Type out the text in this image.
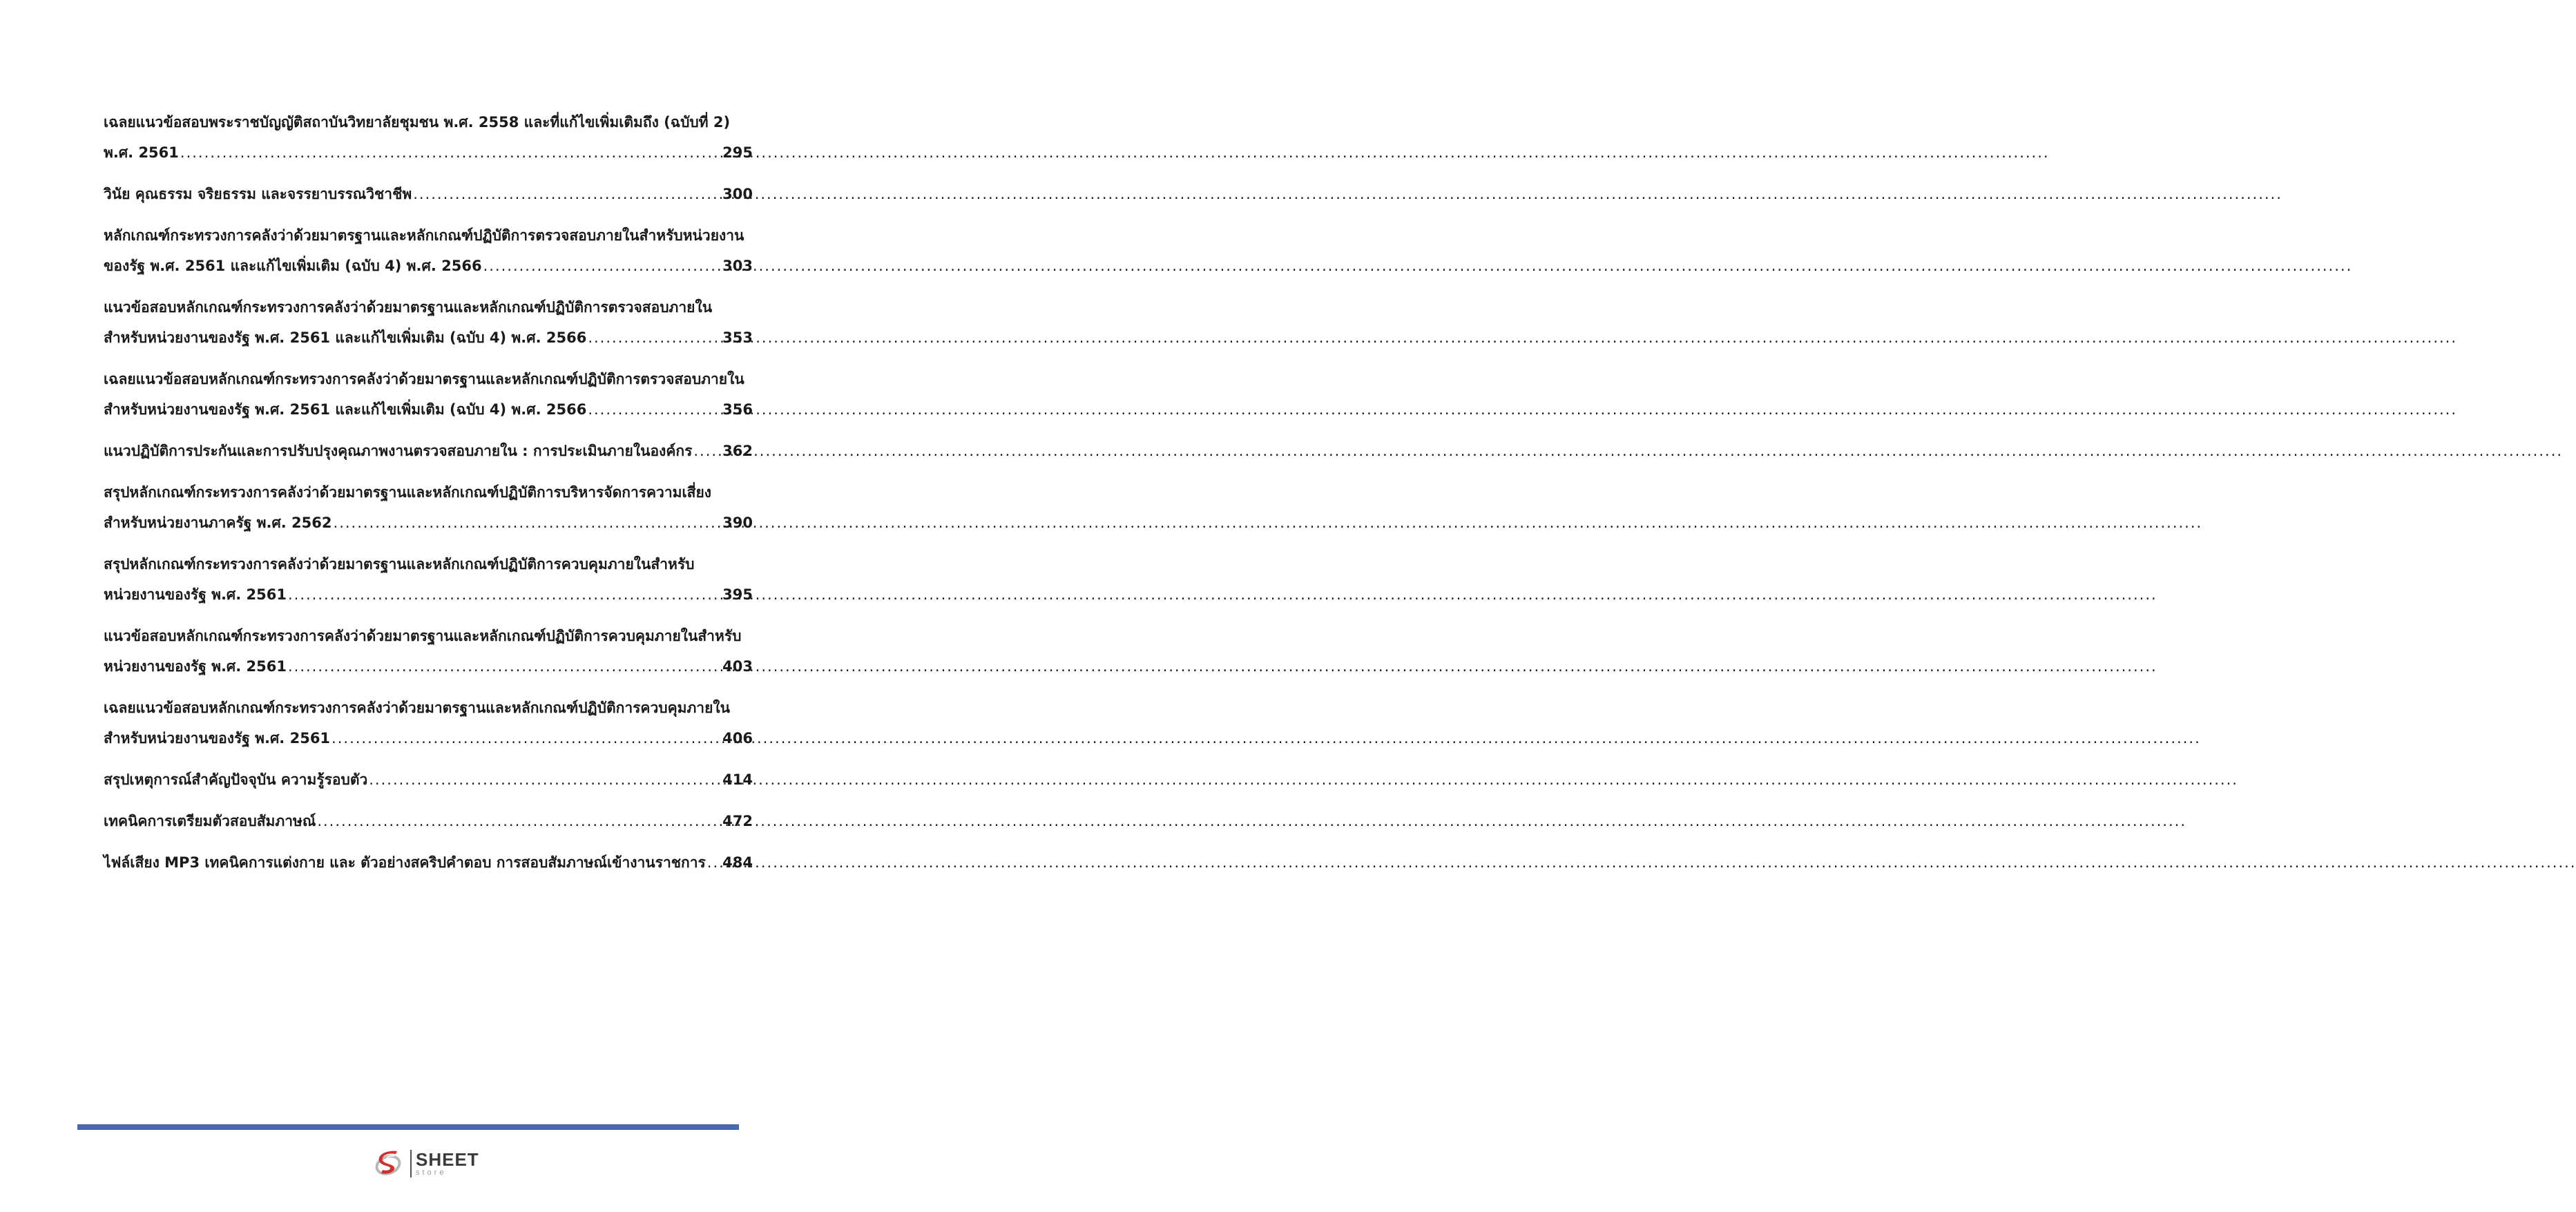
เฉลยแนวข้อสอบพระราชบัญญัติสถาบันวิทยาลัยชุมชน พ.ศ. 2558 และที่แก้ไขเพิ่มเติมถึง (ฉบับที่ 2)
พ.ศ. 2561 .....	295
วินัย คุณธรรม จริยธรรม และจรรยาบรรณวิชาชีพ .....	300
หลักเกณฑ์กระทรวงการคลังว่าด้วยมาตรฐานและหลักเกณฑ์ปฏิบัติการตรวจสอบภายในสำหรับหน่วยงาน
ของรัฐ พ.ศ. 2561 และแก้ไขเพิ่มเติม (ฉบับ 4) พ.ศ. 2566 .....	303
แนวข้อสอบหลักเกณฑ์กระทรวงการคลังว่าด้วยมาตรฐานและหลักเกณฑ์ปฏิบัติการตรวจสอบภายใน
สำหรับหน่วยงานของรัฐ พ.ศ. 2561 และแก้ไขเพิ่มเติม (ฉบับ 4) พ.ศ. 2566 .....	353
เฉลยแนวข้อสอบหลักเกณฑ์กระทรวงการคลังว่าด้วยมาตรฐานและหลักเกณฑ์ปฏิบัติการตรวจสอบภายใน
สำหรับหน่วยงานของรัฐ พ.ศ. 2561 และแก้ไขเพิ่มเติม (ฉบับ 4) พ.ศ. 2566 .....	356
แนวปฏิบัติการประกันและการปรับปรุงคุณภาพงานตรวจสอบภายใน : การประเมินภายในองค์กร ..... 362
สรุปหลักเกณฑ์กระทรวงการคลังว่าด้วยมาตรฐานและหลักเกณฑ์ปฏิบัติการบริหารจัดการความเสี่ยง
สำหรับหน่วยงานภาครัฐ พ.ศ. 2562 .....	390
สรุปหลักเกณฑ์กระทรวงการคลังว่าด้วยมาตรฐานและหลักเกณฑ์ปฏิบัติการควบคุมภายในสำหรับ
หน่วยงานของรัฐ พ.ศ. 2561 .....	395
แนวข้อสอบหลักเกณฑ์กระทรวงการคลังว่าด้วยมาตรฐานและหลักเกณฑ์ปฏิบัติการควบคุมภายในสำหรับ
หน่วยงานของรัฐ พ.ศ. 2561 .....	403
เฉลยแนวข้อสอบหลักเกณฑ์กระทรวงการคลังว่าด้วยมาตรฐานและหลักเกณฑ์ปฏิบัติการควบคุมภายใน
สำหรับหน่วยงานของรัฐ พ.ศ. 2561 .....	406
สรุปเหตุการณ์สำคัญปัจจุบัน ความรู้รอบตัว .....	414
เทคนิคการเตรียมตัวสอบสัมภาษณ์ .....	472
ไฟล์เสียง MP3 เทคนิคการแต่งกาย และ ตัวอย่างสคริปคำตอบ การสอบสัมภาษณ์เข้างานราชการ ..... 484
SHEET
store
